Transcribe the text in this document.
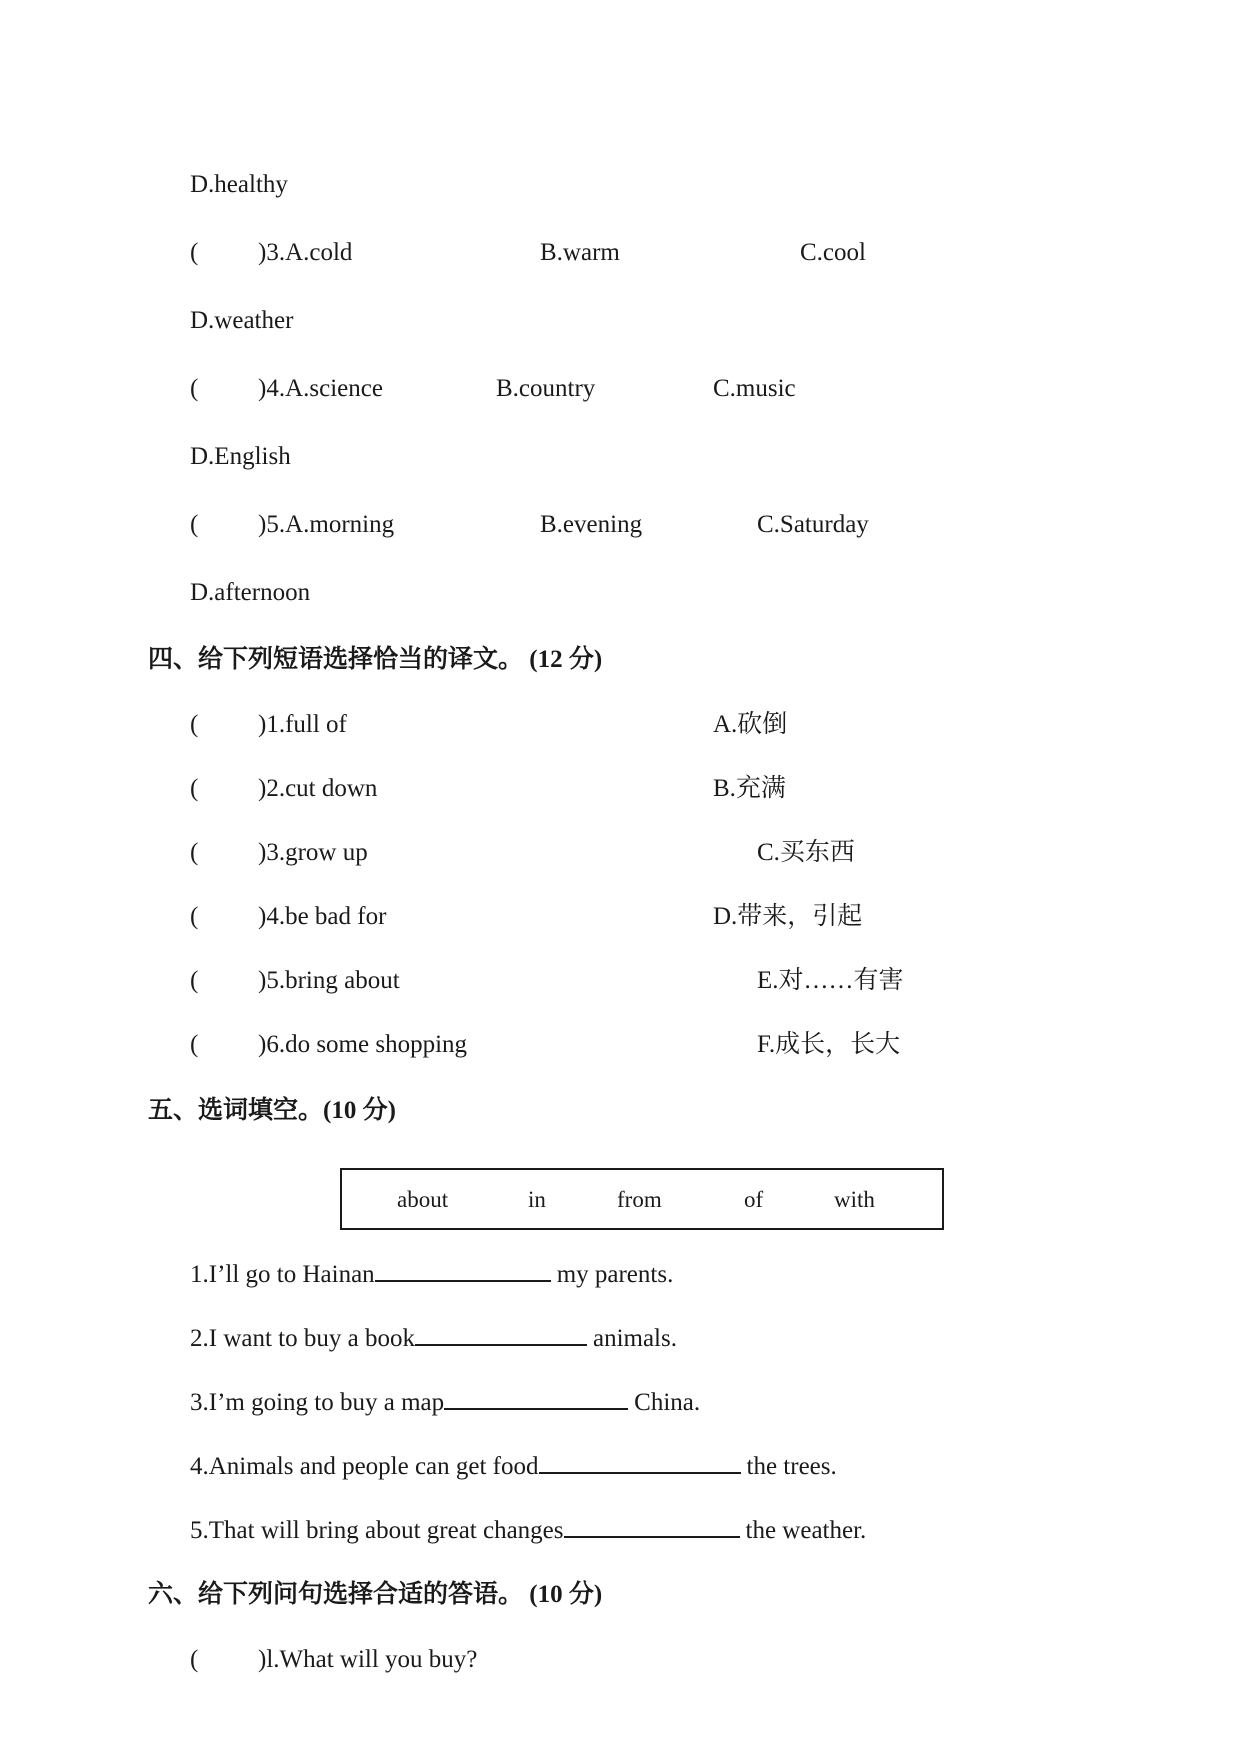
D.healthy
( )3.A.cold	B.warm	C.cool
D.weather
( )4.A.science	B.country	C.music
D.English
( )5.A.morning	B.evening	C.Saturday
D.afternoon
四、给下列短语选择恰当的译文。 (12 分)
( )1.full of	A.砍倒
( )2.cut down	B.充满
( )3.grow up	C.买东西
( )4.be bad for	D.带来，引起
( )5.bring about	E.对……有害
( )6.do some shopping	F.成长，长大
五、选词填空。(10 分)
about	in	from	of	with
1.I’ll go to Hainan	my parents.
2.I want to buy a book	animals.
3.I’m going to buy a map	China.
4.Animals and people can get food	the trees.
5.That will bring about great changes	the weather.
六、给下列问句选择合适的答语。 (10 分)
( )l.What will you buy?
